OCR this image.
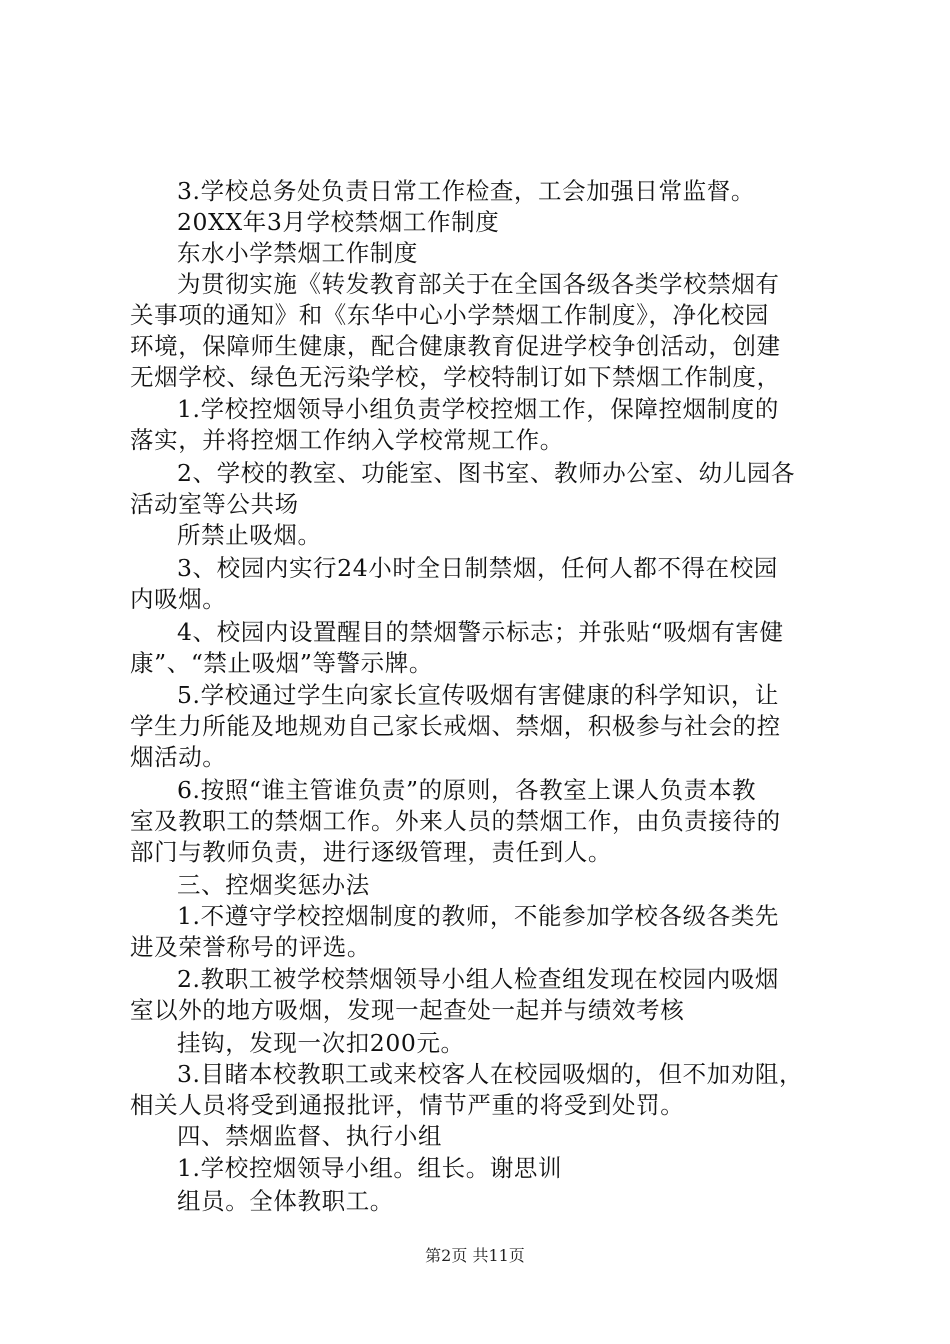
3.学校总务处负责日常工作检查，工会加强日常监督。
20XX年3月学校禁烟工作制度
东水小学禁烟工作制度
为贯彻实施《转发教育部关于在全国各级各类学校禁烟有
关事项的通知》和《东华中心小学禁烟工作制度》，净化校园
环境，保障师生健康，配合健康教育促进学校争创活动，创建
无烟学校、绿色无污染学校，学校特制订如下禁烟工作制度，
1.学校控烟领导小组负责学校控烟工作，保障控烟制度的
落实，并将控烟工作纳入学校常规工作。
2、学校的教室、功能室、图书室、教师办公室、幼儿园各
活动室等公共场
所禁止吸烟。
3、校园内实行24小时全日制禁烟，任何人都不得在校园
内吸烟。
4、校园内设置醒目的禁烟警示标志；并张贴“吸烟有害健
康”、“禁止吸烟”等警示牌。
5.学校通过学生向家长宣传吸烟有害健康的科学知识，让
学生力所能及地规劝自己家长戒烟、禁烟，积极参与社会的控
烟活动。
6.按照“谁主管谁负责”的原则，各教室上课人负责本教
室及教职工的禁烟工作。外来人员的禁烟工作，由负责接待的
部门与教师负责，进行逐级管理，责任到人。
三、控烟奖惩办法
1.不遵守学校控烟制度的教师，不能参加学校各级各类先
进及荣誉称号的评选。
2.教职工被学校禁烟领导小组人检查组发现在校园内吸烟
室以外的地方吸烟，发现一起查处一起并与绩效考核
挂钩，发现一次扣200元。
3.目睹本校教职工或来校客人在校园吸烟的，但不加劝阻，
相关人员将受到通报批评，情节严重的将受到处罚。
四、禁烟监督、执行小组
1.学校控烟领导小组。组长。谢思训
组员。全体教职工。
第2页 共11页
